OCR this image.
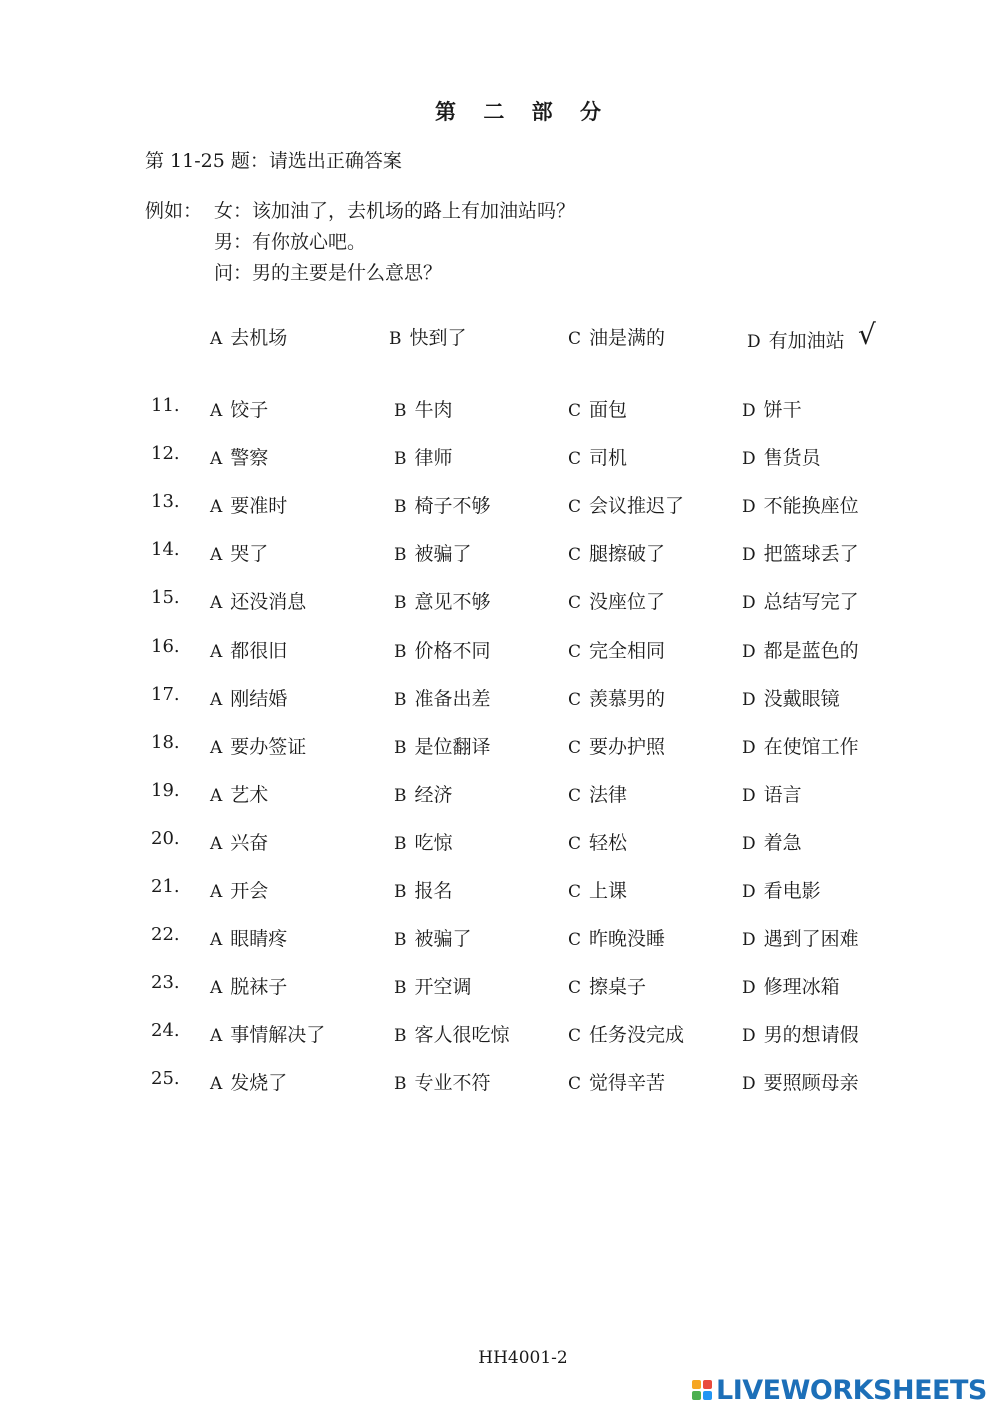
第 二 部 分
第 11-25 题：请选出正确答案
例如： 女：该加油了，去机场的路上有加油站吗？
男：有你放心吧。
问：男的主要是什么意思？
A 去机场	B 快到了	C 油是满的	D 有加油站 √
11. A 饺子	B 牛肉	C 面包	D 饼干
12. A 警察	B 律师	C 司机	D 售货员
13. A 要准时	B 椅子不够	C 会议推迟了	D 不能换座位
14. A 哭了	B 被骗了	C 腿擦破了	D 把篮球丢了
15. A 还没消息	B 意见不够	C 没座位了	D 总结写完了
16. A 都很旧	B 价格不同	C 完全相同	D 都是蓝色的
17. A 刚结婚	B 准备出差	C 羡慕男的	D 没戴眼镜
18. A 要办签证	B 是位翻译	C 要办护照	D 在使馆工作
19. A 艺术	B 经济	C 法律	D 语言
20. A 兴奋	B 吃惊	C 轻松	D 着急
21. A 开会	B 报名	C 上课	D 看电影
22. A 眼睛疼	B 被骗了	C 昨晚没睡	D 遇到了困难
23. A 脱袜子	B 开空调	C 擦桌子	D 修理冰箱
24. A 事情解决了	B 客人很吃惊	C 任务没完成	D 男的想请假
25. A 发烧了	B 专业不符	C 觉得辛苦	D 要照顾母亲
HH4001-2
LIVEWORKSHEETS
